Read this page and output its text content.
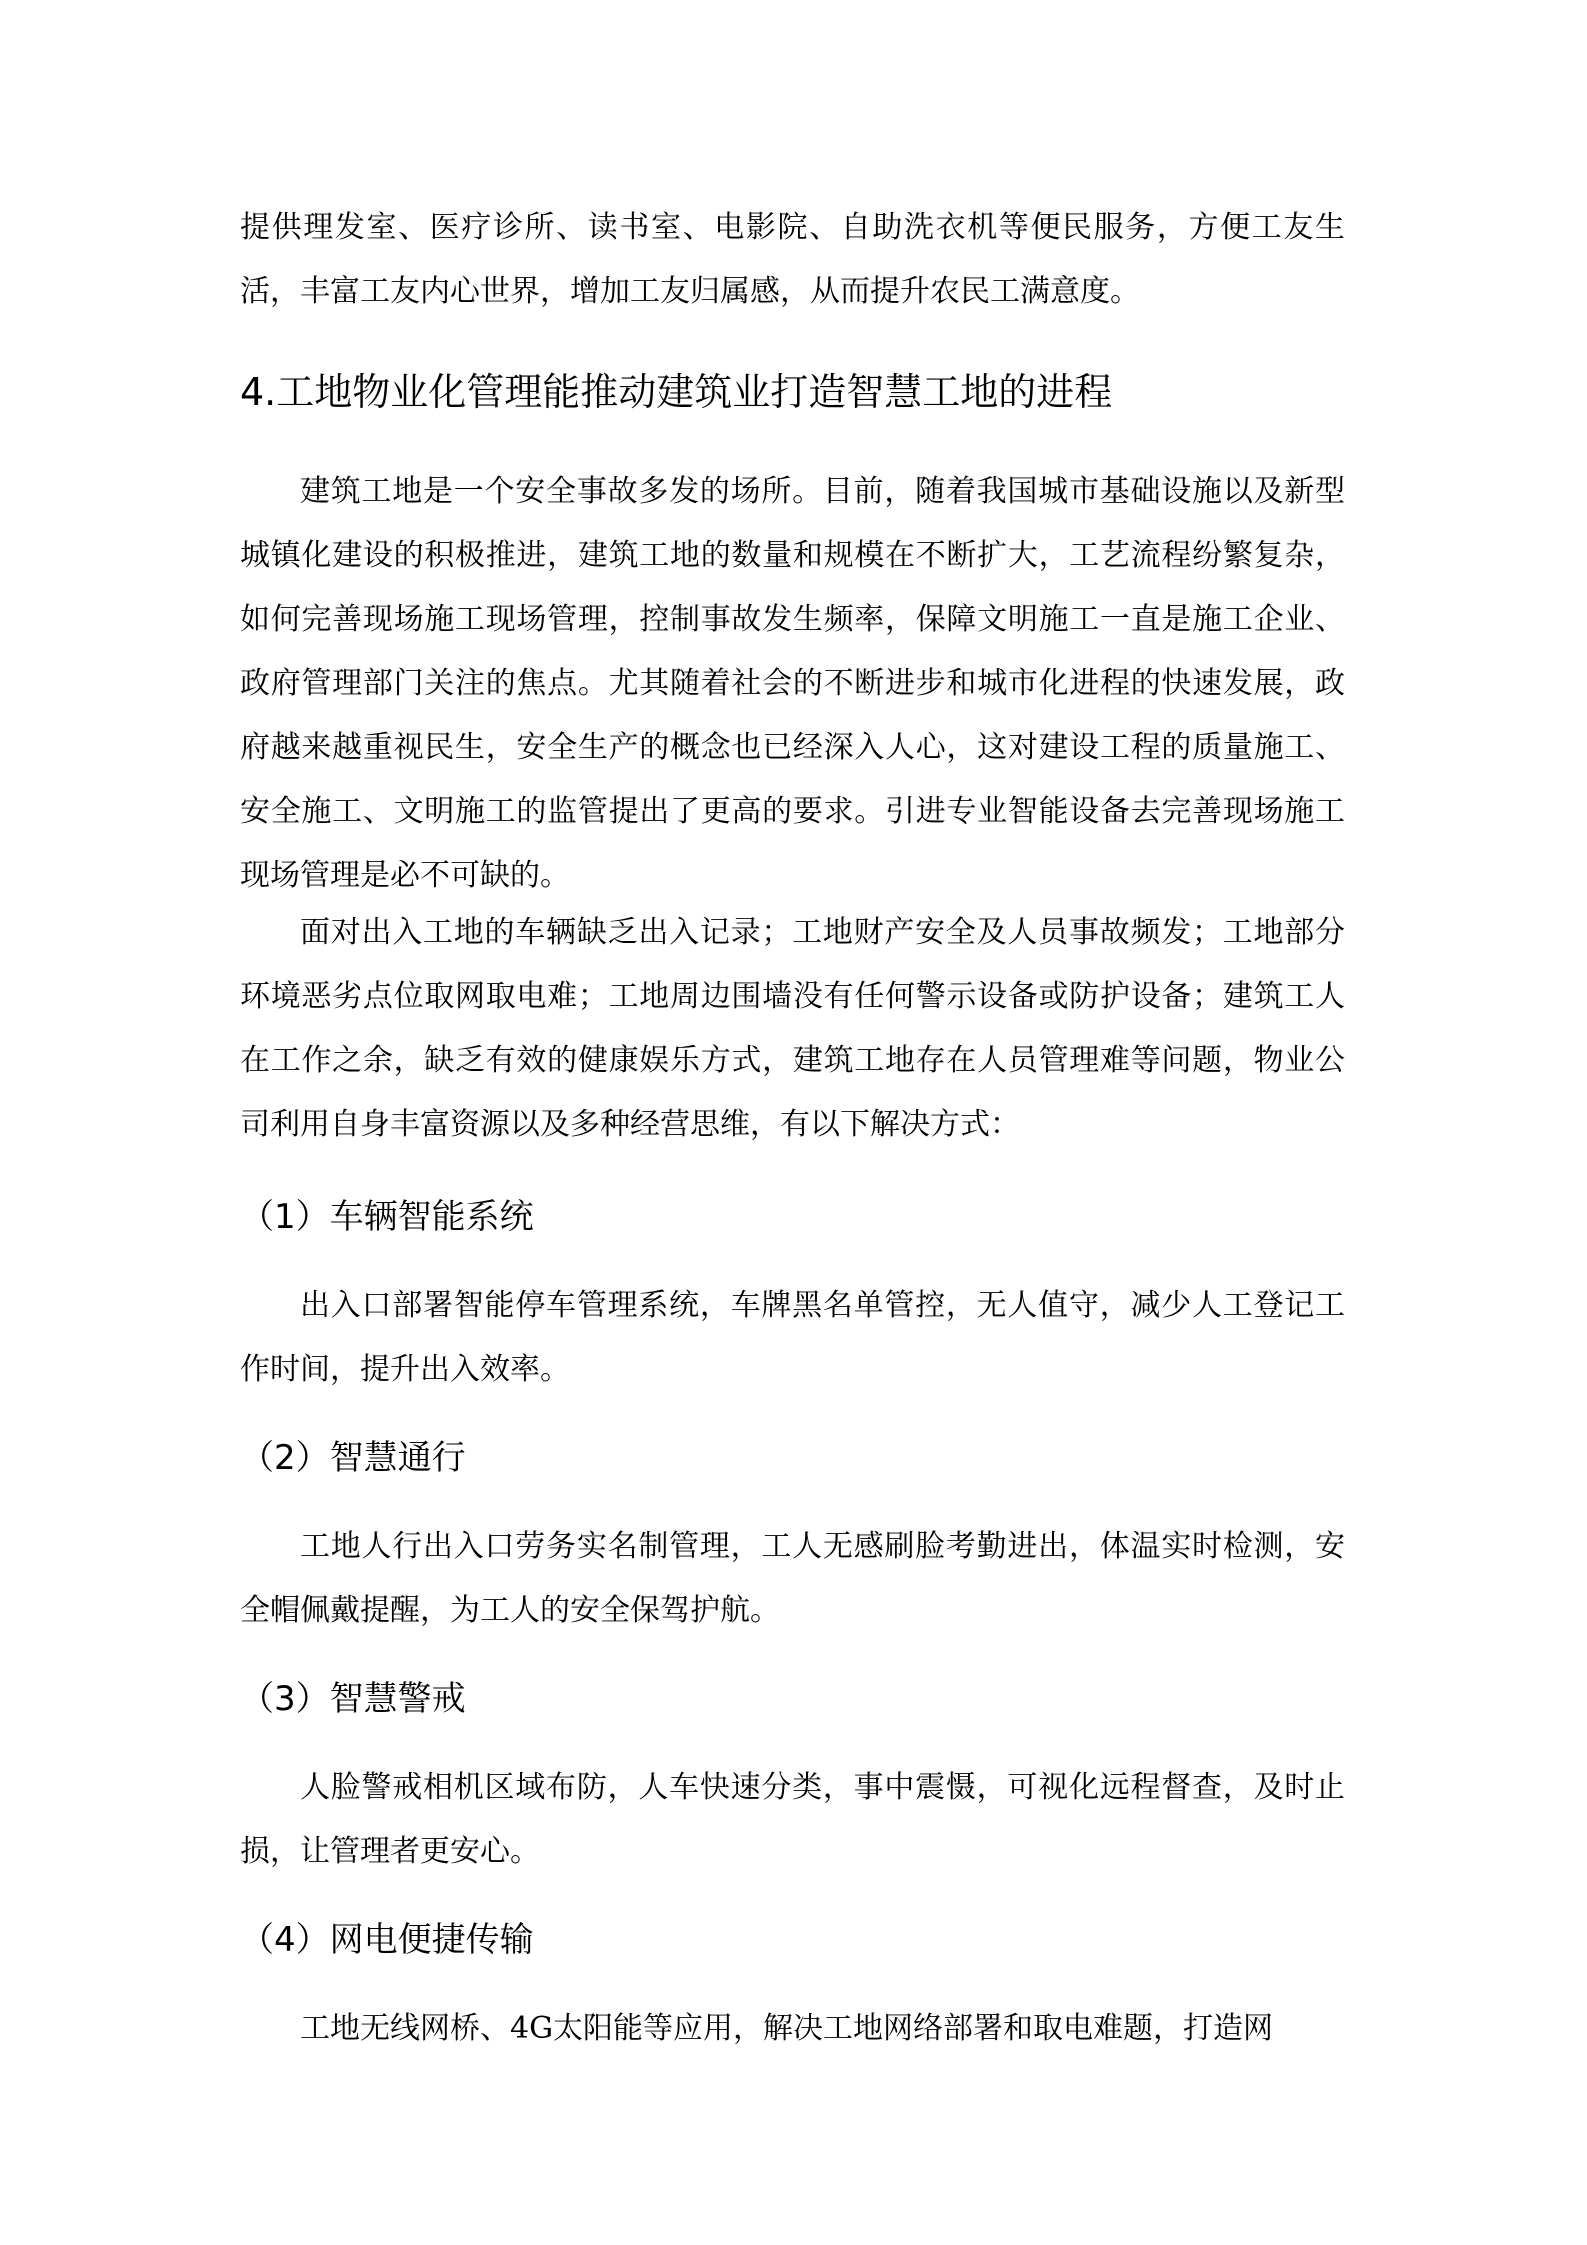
提供理发室、医疗诊所、读书室、电影院、自助洗衣机等便民服务，方便工友生活，丰富工友内心世界，增加工友归属感，从而提升农民工满意度。

4.工地物业化管理能推动建筑业打造智慧工地的进程

建筑工地是一个安全事故多发的场所。目前，随着我国城市基础设施以及新型城镇化建设的积极推进，建筑工地的数量和规模在不断扩大，工艺流程纷繁复杂，如何完善现场施工现场管理，控制事故发生频率，保障文明施工一直是施工企业、政府管理部门关注的焦点。尤其随着社会的不断进步和城市化进程的快速发展，政府越来越重视民生，安全生产的概念也已经深入人心，这对建设工程的质量施工、安全施工、文明施工的监管提出了更高的要求。引进专业智能设备去完善现场施工现场管理是必不可缺的。

面对出入工地的车辆缺乏出入记录；工地财产安全及人员事故频发；工地部分环境恶劣点位取网取电难；工地周边围墙没有任何警示设备或防护设备；建筑工人在工作之余，缺乏有效的健康娱乐方式，建筑工地存在人员管理难等问题，物业公司利用自身丰富资源以及多种经营思维，有以下解决方式：

（1）车辆智能系统

出入口部署智能停车管理系统，车牌黑名单管控，无人值守，减少人工登记工作时间，提升出入效率。

（2）智慧通行

工地人行出入口劳务实名制管理，工人无感刷脸考勤进出，体温实时检测，安全帽佩戴提醒，为工人的安全保驾护航。

（3）智慧警戒

人脸警戒相机区域布防，人车快速分类，事中震慑，可视化远程督查，及时止损，让管理者更安心。

（4）网电便捷传输

工地无线网桥、4G太阳能等应用，解决工地网络部署和取电难题，打造网
